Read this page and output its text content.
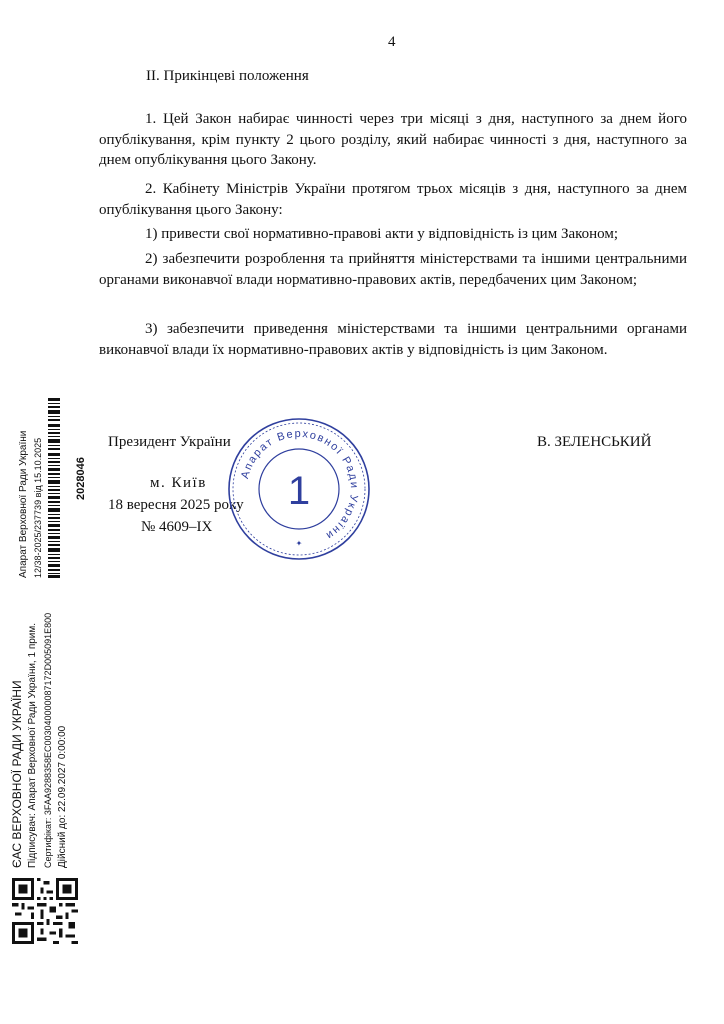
4
ІІ. Прикінцеві положення

1. Цей Закон набирає чинності через три місяці з дня, наступного за днем його опублікування, крім пункту 2 цього розділу, який набирає чинності з дня, наступного за днем опублікування цього Закону.

2. Кабінету Міністрів України протягом трьох місяців з дня, наступного за днем опублікування цього Закону:

1) привести свої нормативно-правові акти у відповідність із цим Законом;

2) забезпечити розроблення та прийняття міністерствами та іншими центральними органами виконавчої влади нормативно-правових актів, передбачених цим Законом;

3) забезпечити приведення міністерствами та іншими центральними органами виконавчої влади їх нормативно-правових актів у відповідність із цим Законом.

Президент України	В. ЗЕЛЕНСЬКИЙ
м. Київ
18 вересня 2025 року
№ 4609–IX
Апарат Верховної Ради України
1
✦
Апарат Верховної Ради України 12/38-2025/237739 від 15.10.2025	2028046
ЄАС ВЕРХОВНОЇ РАДИ УКРАЇНИ Підписувач: Апарат Верховної Ради України, 1 прим. Сертифікат: 3FAA9288358EC003040000087172D005091E800 Дійсний до: 22.09.2027 0:00:00
